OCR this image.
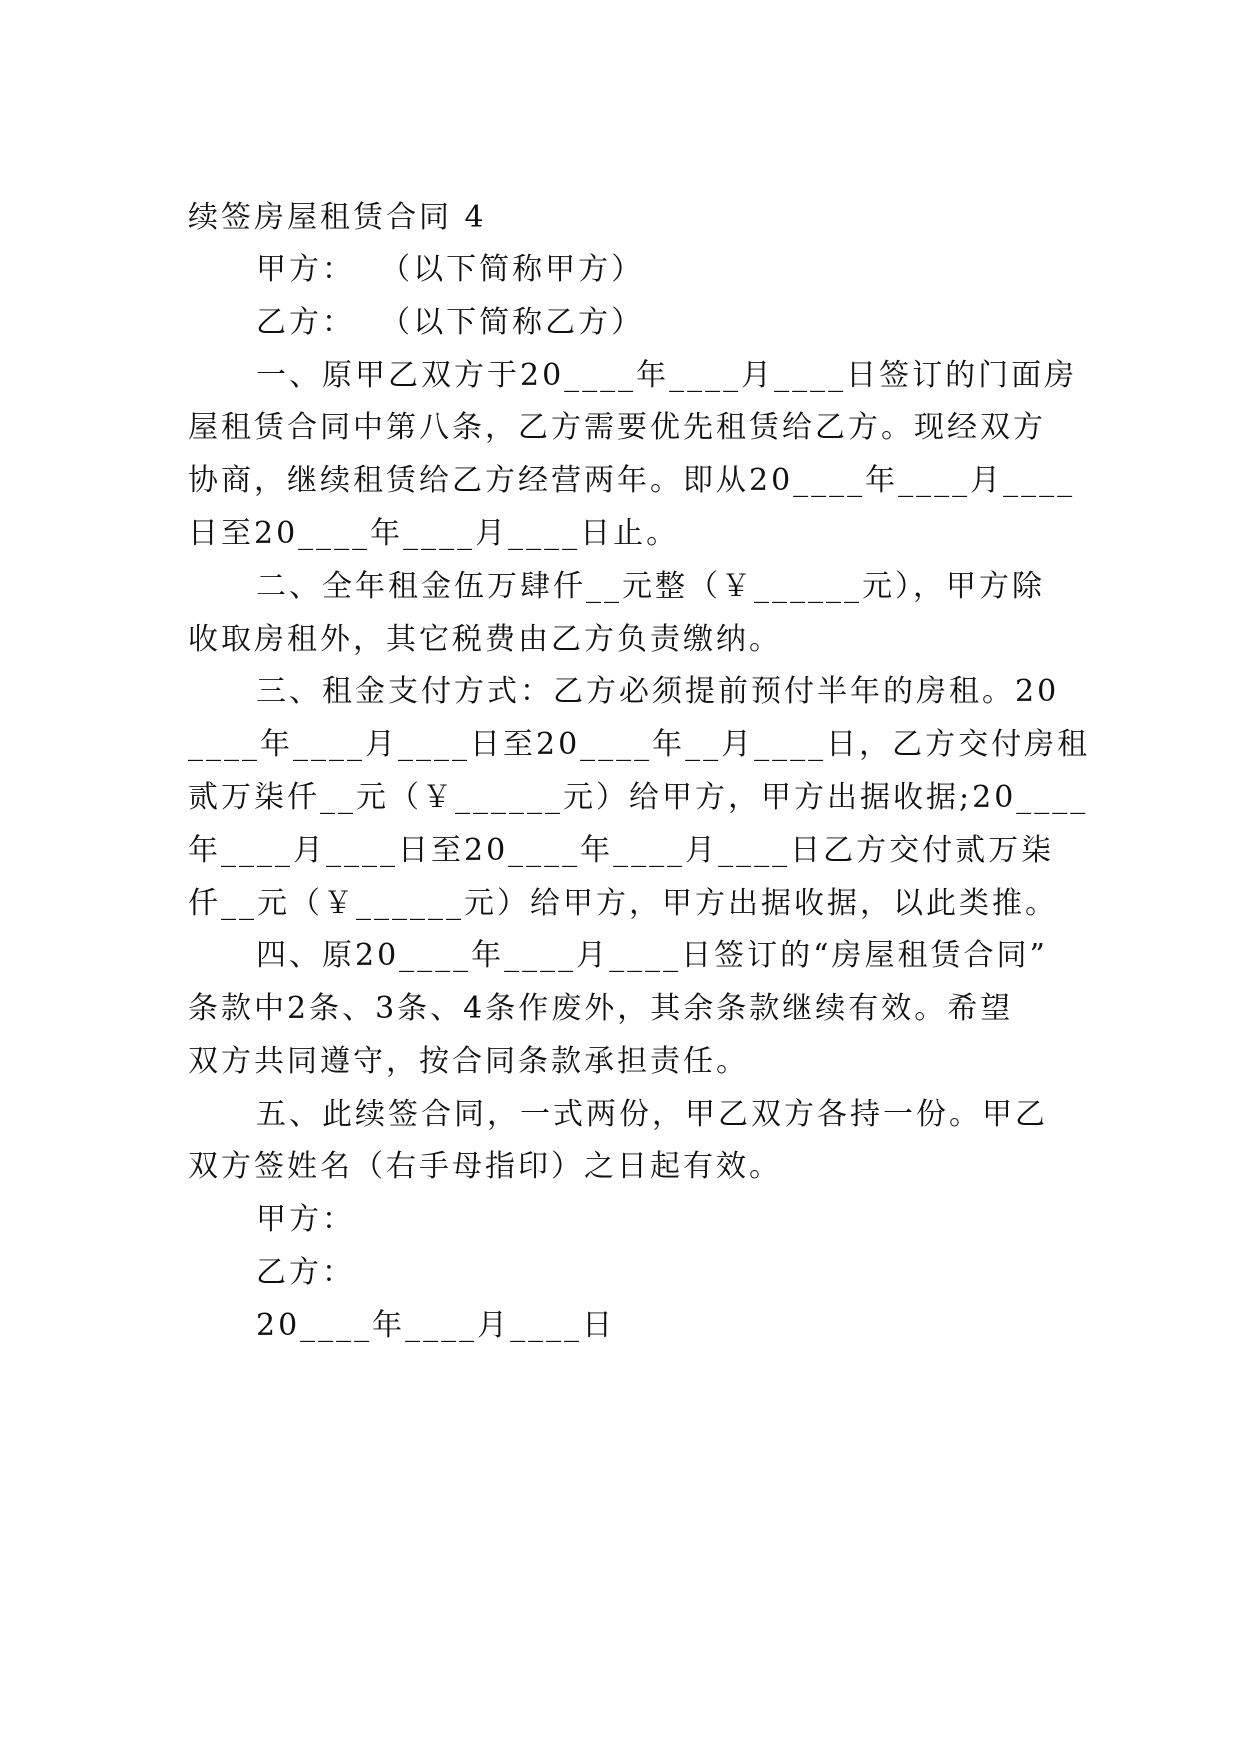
续签房屋租赁合同 4
甲方：  （以下简称甲方）
乙方：  （以下简称乙方）
一、原甲乙双方于20____年____月____日签订的门面房
屋租赁合同中第八条，乙方需要优先租赁给乙方。现经双方
协商，继续租赁给乙方经营两年。即从20____年____月____
日至20____年____月____日止。
二、全年租金伍万肆仟__元整（￥______元），甲方除
收取房租外，其它税费由乙方负责缴纳。
三、租金支付方式：乙方必须提前预付半年的房租。20
____年____月____日至20____年__月____日，乙方交付房租
贰万柒仟__元（￥______元）给甲方，甲方出据收据;20____
年____月____日至20____年____月____日乙方交付贰万柒
仟__元（￥______元）给甲方，甲方出据收据，以此类推。
四、原20____年____月____日签订的“房屋租赁合同”
条款中2条、3条、4条作废外，其余条款继续有效。希望
双方共同遵守，按合同条款承担责任。
五、此续签合同，一式两份，甲乙双方各持一份。甲乙
双方签姓名（右手母指印）之日起有效。
甲方：
乙方：
20____年____月____日
